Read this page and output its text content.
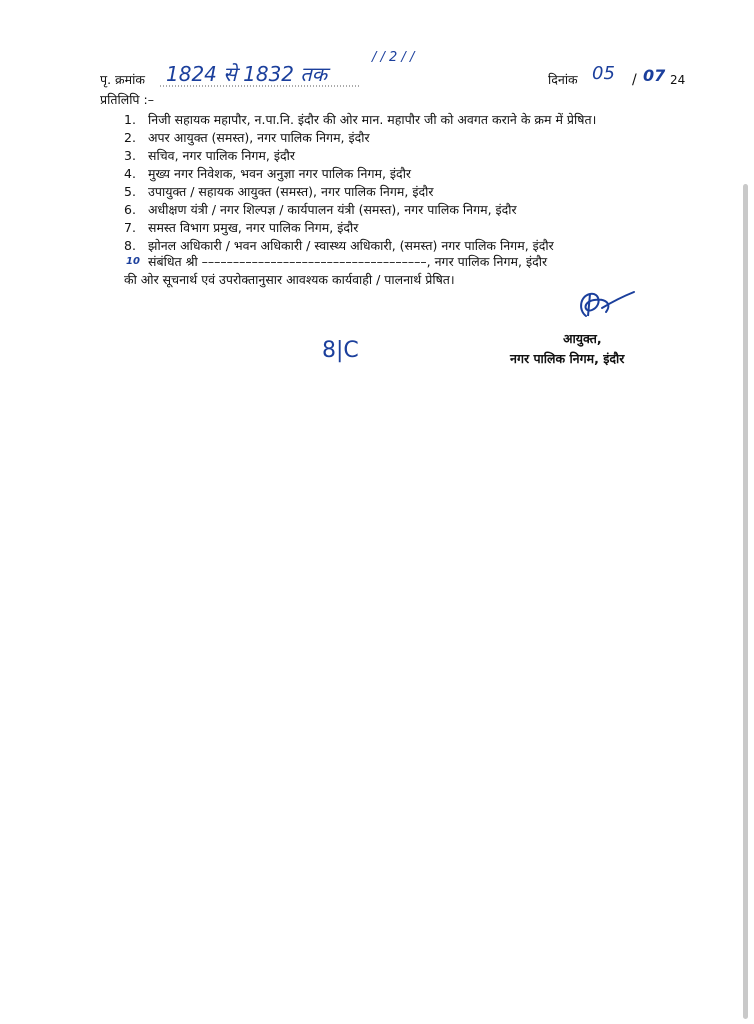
पृ. क्रमांक 1824 से 1832 तक
/ / 2 / /
दिनांक 05 / 07 24
प्रतिलिपि :–
1. निजी सहायक महापौर, न.पा.नि. इंदौर की ओर मान. महापौर जी को अवगत कराने के क्रम में प्रेषित।
2. अपर आयुक्त (समस्त), नगर पालिक निगम, इंदौर
3. सचिव, नगर पालिक निगम, इंदौर
4. मुख्य नगर निवेशक, भवन अनुज्ञा नगर पालिक निगम, इंदौर
5. उपायुक्त / सहायक आयुक्त (समस्त), नगर पालिक निगम, इंदौर
6. अधीक्षण यंत्री / नगर शिल्पज्ञ / कार्यपालन यंत्री (समस्त), नगर पालिक निगम, इंदौर
7. समस्त विभाग प्रमुख, नगर पालिक निगम, इंदौर
8. झोनल अधिकारी / भवन अधिकारी / स्वास्थ्य अधिकारी, (समस्त) नगर पालिक निगम, इंदौर
10 संबंधित श्री ––––––––––––––––––––––––––––––––––––, नगर पालिक निगम, इंदौर
की ओर सूचनार्थ एवं उपरोक्तानुसार आवश्यक कार्यवाही / पालनार्थ प्रेषित।
आयुक्त,
नगर पालिक निगम, इंदौर
8|C
